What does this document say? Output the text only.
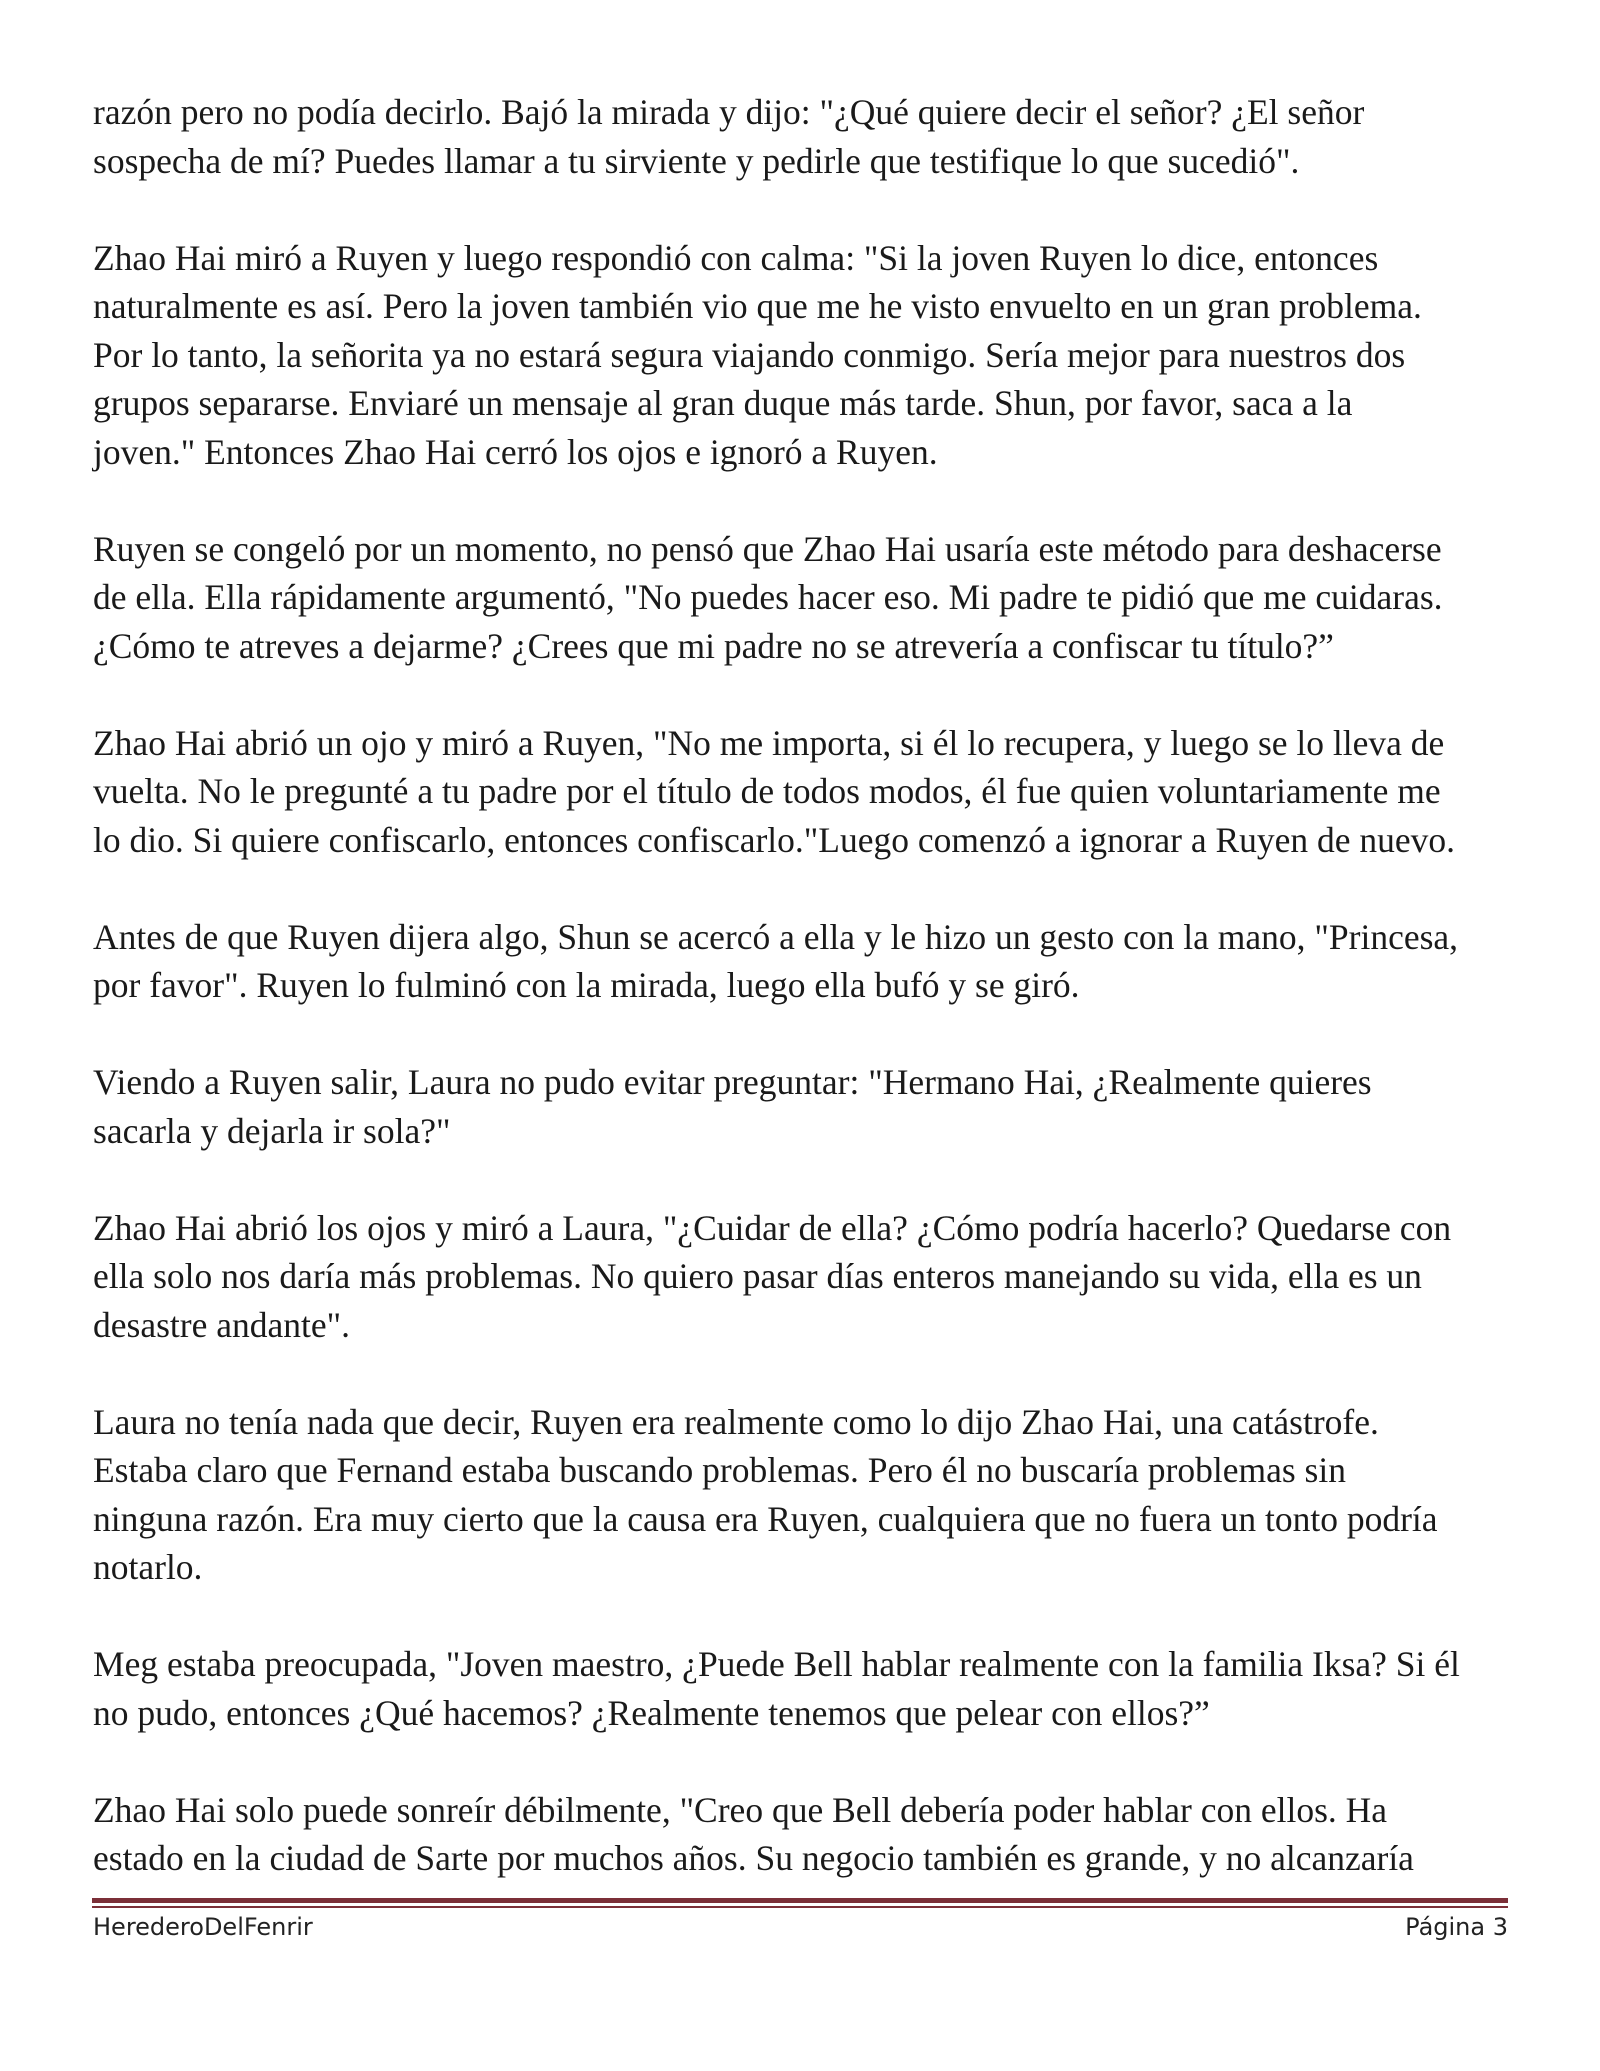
razón pero no podía decirlo. Bajó la mirada y dijo: "¿Qué quiere decir el señor? ¿El señor
sospecha de mí? Puedes llamar a tu sirviente y pedirle que testifique lo que sucedió".

Zhao Hai miró a Ruyen y luego respondió con calma: "Si la joven Ruyen lo dice, entonces
naturalmente es así. Pero la joven también vio que me he visto envuelto en un gran problema.
Por lo tanto, la señorita ya no estará segura viajando conmigo. Sería mejor para nuestros dos
grupos separarse. Enviaré un mensaje al gran duque más tarde. Shun, por favor, saca a la
joven." Entonces Zhao Hai cerró los ojos e ignoró a Ruyen.

Ruyen se congeló por un momento, no pensó que Zhao Hai usaría este método para deshacerse
de ella. Ella rápidamente argumentó, "No puedes hacer eso. Mi padre te pidió que me cuidaras.
¿Cómo te atreves a dejarme? ¿Crees que mi padre no se atrevería a confiscar tu título?”

Zhao Hai abrió un ojo y miró a Ruyen, "No me importa, si él lo recupera, y luego se lo lleva de
vuelta. No le pregunté a tu padre por el título de todos modos, él fue quien voluntariamente me
lo dio. Si quiere confiscarlo, entonces confiscarlo."Luego comenzó a ignorar a Ruyen de nuevo.

Antes de que Ruyen dijera algo, Shun se acercó a ella y le hizo un gesto con la mano, "Princesa,
por favor". Ruyen lo fulminó con la mirada, luego ella bufó y se giró.

Viendo a Ruyen salir, Laura no pudo evitar preguntar: "Hermano Hai, ¿Realmente quieres
sacarla y dejarla ir sola?"

Zhao Hai abrió los ojos y miró a Laura, "¿Cuidar de ella? ¿Cómo podría hacerlo? Quedarse con
ella solo nos daría más problemas. No quiero pasar días enteros manejando su vida, ella es un
desastre andante".

Laura no tenía nada que decir, Ruyen era realmente como lo dijo Zhao Hai, una catástrofe.
Estaba claro que Fernand estaba buscando problemas. Pero él no buscaría problemas sin
ninguna razón. Era muy cierto que la causa era Ruyen, cualquiera que no fuera un tonto podría
notarlo.

Meg estaba preocupada, "Joven maestro, ¿Puede Bell hablar realmente con la familia Iksa? Si él
no pudo, entonces ¿Qué hacemos? ¿Realmente tenemos que pelear con ellos?”

Zhao Hai solo puede sonreír débilmente, "Creo que Bell debería poder hablar con ellos. Ha
estado en la ciudad de Sarte por muchos años. Su negocio también es grande, y no alcanzaría

HerederoDelFenrir	Página 3
